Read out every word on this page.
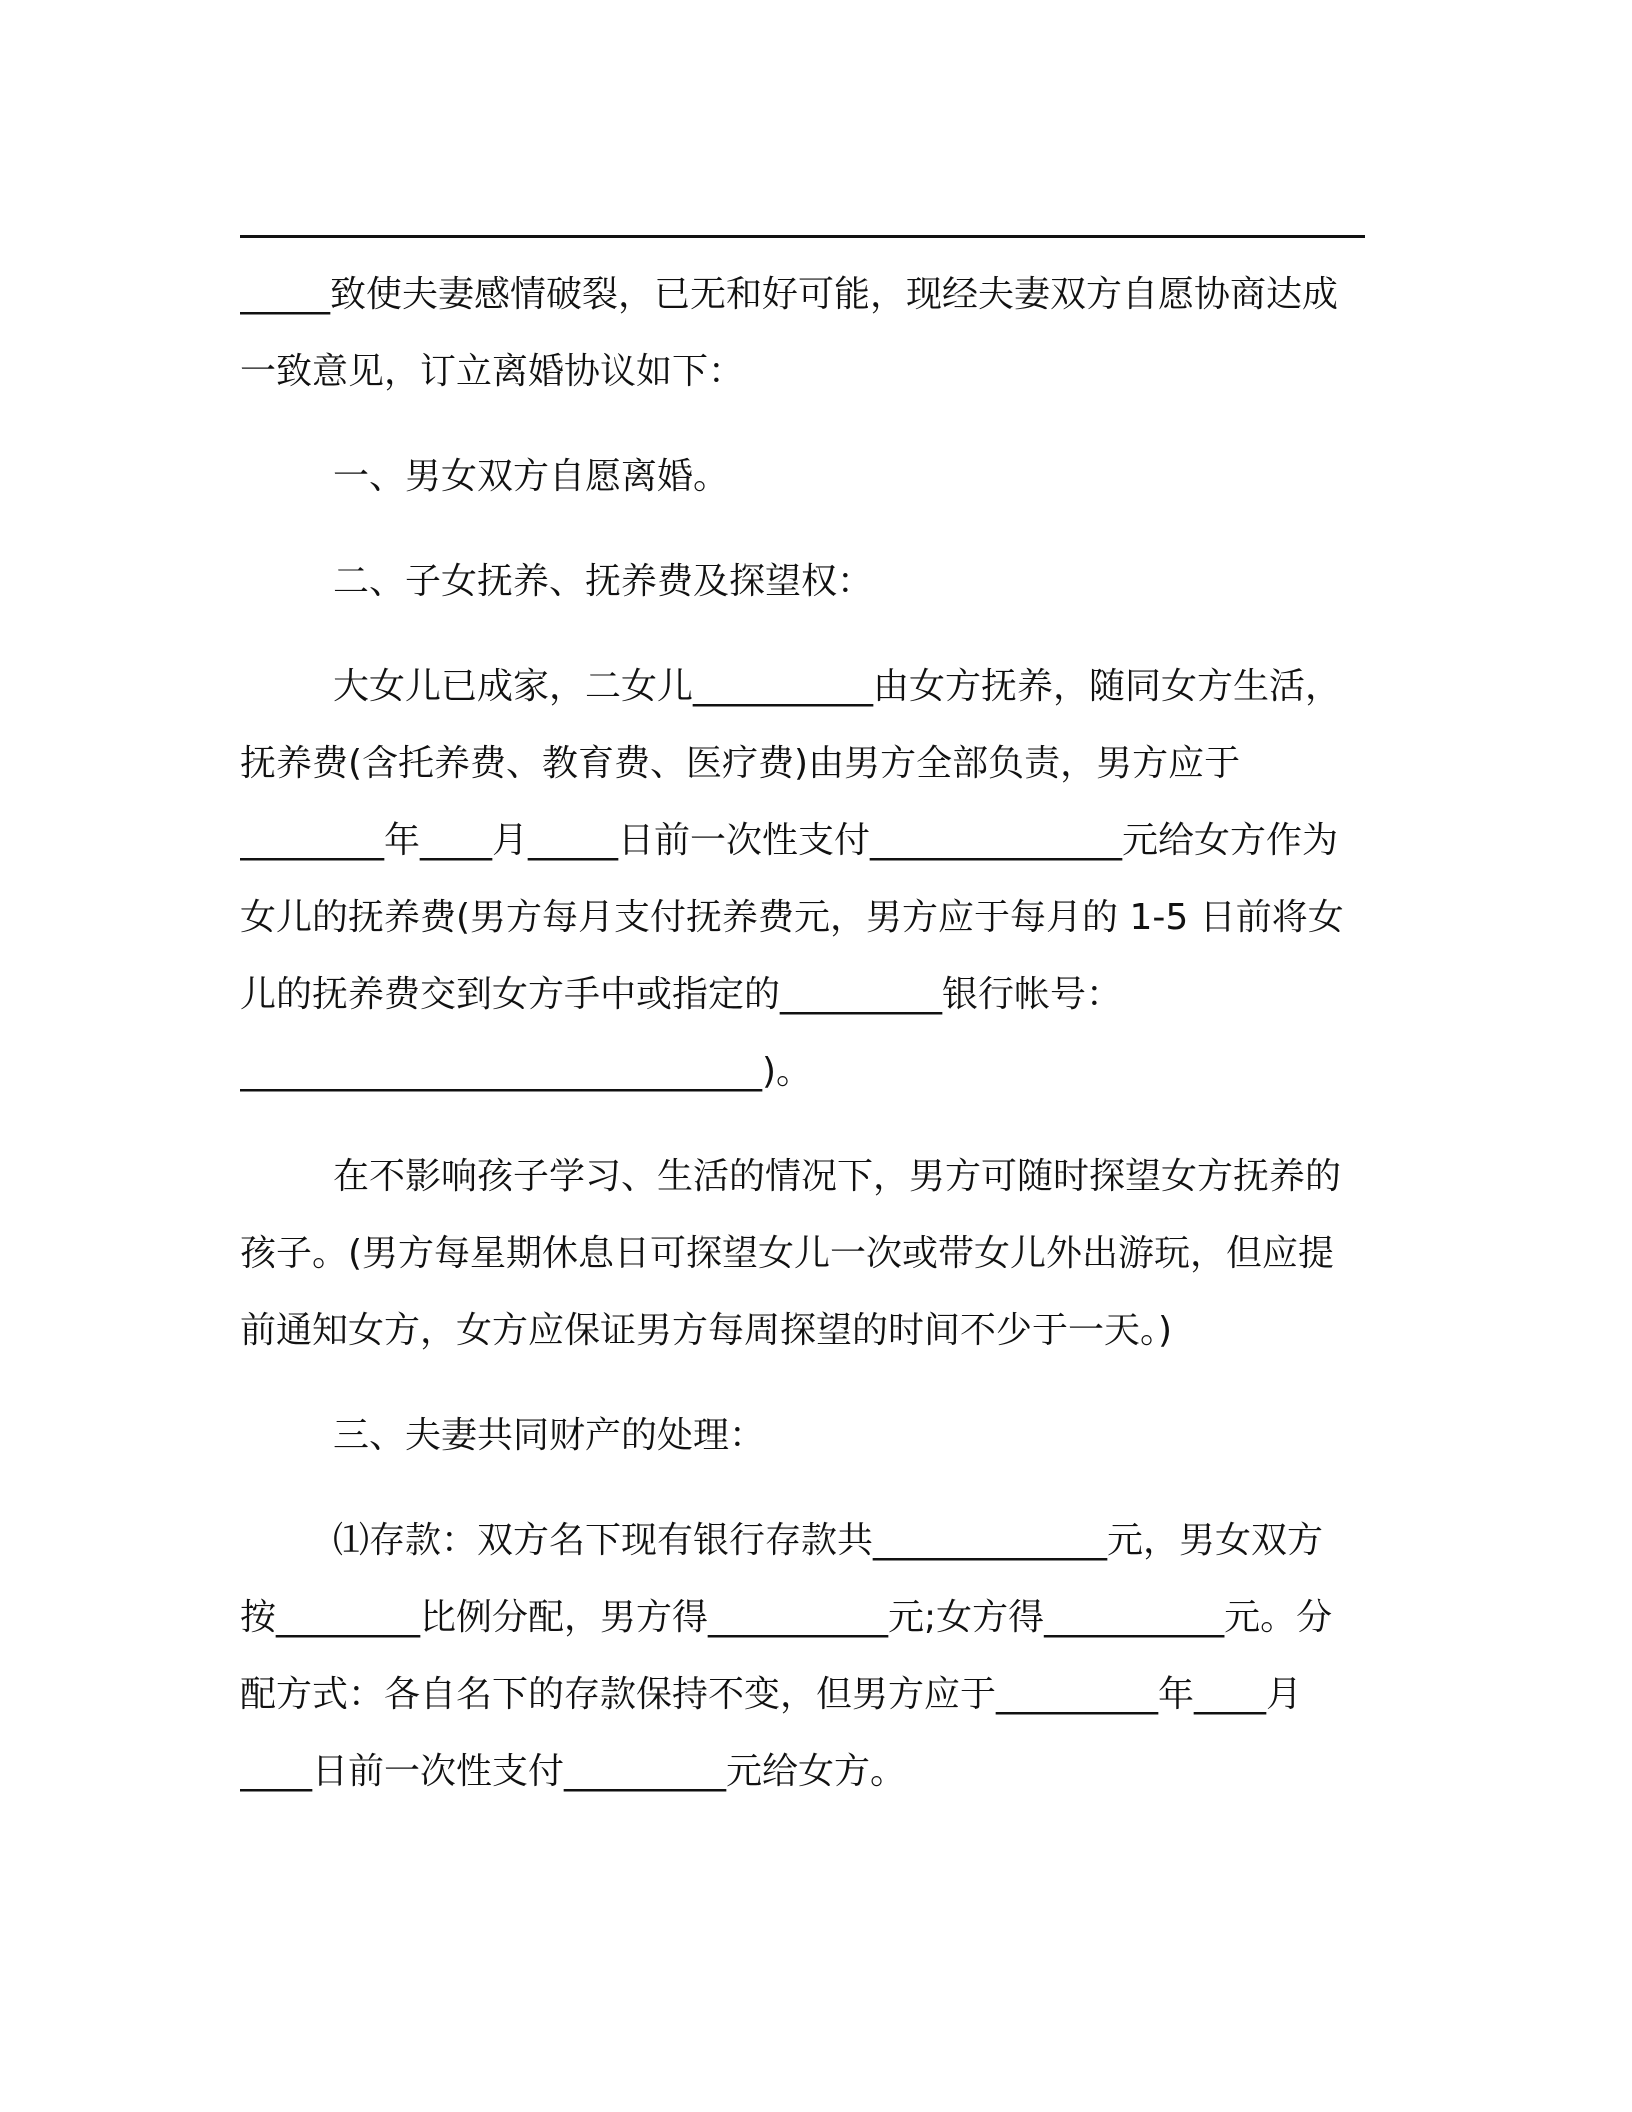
_____致使夫妻感情破裂，已无和好可能，现经夫妻双方自愿协商达成
一致意见，订立离婚协议如下：
一、男女双方自愿离婚。
二、子女抚养、抚养费及探望权：
大女儿已成家，二女儿__________由女方抚养，随同女方生活，
抚养费(含托养费、教育费、医疗费)由男方全部负责，男方应于
________年____月_____日前一次性支付______________元给女方作为
女儿的抚养费(男方每月支付抚养费元，男方应于每月的 1-5 日前将女
儿的抚养费交到女方手中或指定的_________银行帐号：
_____________________________)。
在不影响孩子学习、生活的情况下，男方可随时探望女方抚养的
孩子。(男方每星期休息日可探望女儿一次或带女儿外出游玩，但应提
前通知女方，女方应保证男方每周探望的时间不少于一天。)
三、夫妻共同财产的处理：
⑴存款：双方名下现有银行存款共_____________元，男女双方
按________比例分配，男方得__________元;女方得__________元。分
配方式：各自名下的存款保持不变，但男方应于_________年____月
____日前一次性支付_________元给女方。
